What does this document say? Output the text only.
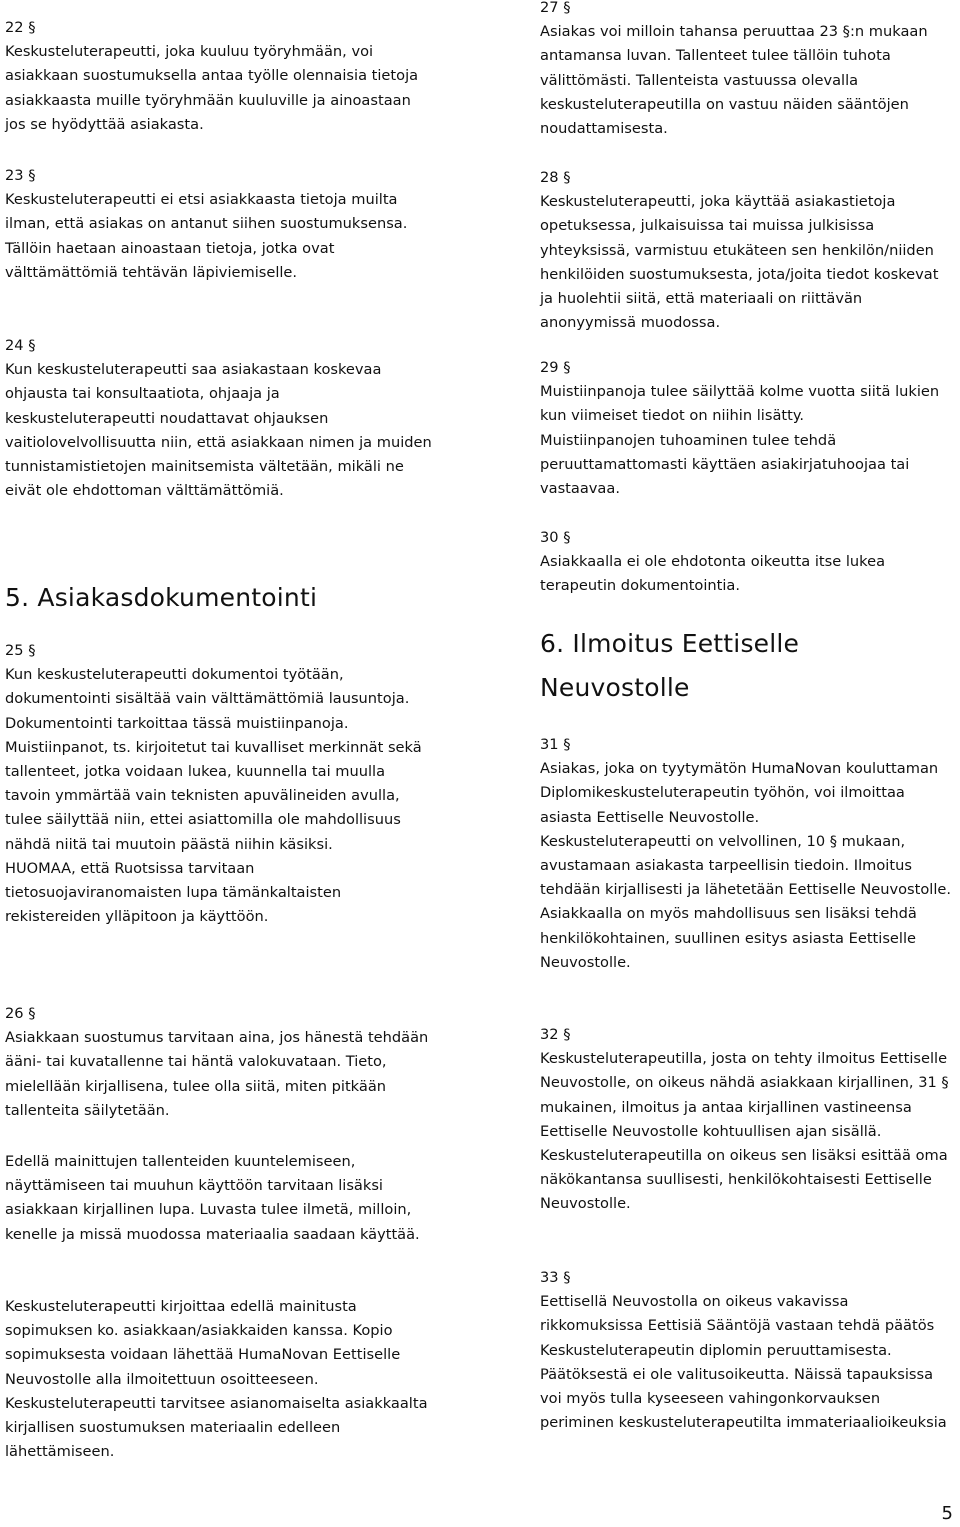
22 §

Keskusteluterapeutti, joka kuuluu työryhmään, voi asiakkaan suostumuksella antaa työlle olennaisia tietoja asiakkaasta muille työryhmään kuuluville ja ainoastaan jos se hyödyttää asiakasta.

23 §

Keskusteluterapeutti ei etsi asiakkaasta tietoja muilta ilman, että asiakas on antanut siihen suostumuksensa. Tällöin haetaan ainoastaan tietoja, jotka ovat välttämättömiä tehtävän läpiviemiselle.

24 §

Kun keskusteluterapeutti saa asiakastaan koskevaa ohjausta tai konsultaatiota, ohjaaja ja keskusteluterapeutti noudattavat ohjauksen vaitiolovelvollisuutta niin, että asiakkaan nimen ja muiden tunnistamistietojen mainitsemista vältetään, mikäli ne eivät ole ehdottoman välttämättömiä.

5. Asiakasdokumentointi

25 §

Kun keskusteluterapeutti dokumentoi työtään, dokumentointi sisältää vain välttämättömiä lausuntoja. Dokumentointi tarkoittaa tässä muistiinpanoja.

Muistiinpanot, ts. kirjoitetut tai kuvalliset merkinnät sekä tallenteet, jotka voidaan lukea, kuunnella tai muulla tavoin ymmärtää vain teknisten apuvälineiden avulla, tulee säilyttää niin, ettei asiattomilla ole mahdollisuus nähdä niitä tai muutoin päästä niihin käsiksi.

HUOMAA, että Ruotsissa tarvitaan tietosuojaviranomaisten lupa tämänkaltaisten rekistereiden ylläpitoon ja käyttöön.

26 §

Asiakkaan suostumus tarvitaan aina, jos hänestä tehdään ääni- tai kuvatallenne tai häntä valokuvataan. Tieto, mielellään kirjallisena, tulee olla siitä, miten pitkään tallenteita säilytetään.

Edellä mainittujen tallenteiden kuuntelemiseen, näyttämiseen tai muuhun käyttöön tarvitaan lisäksi asiakkaan kirjallinen lupa. Luvasta tulee ilmetä, milloin, kenelle ja missä muodossa materiaalia saadaan käyttää.

Keskusteluterapeutti kirjoittaa edellä mainitusta sopimuksen ko. asiakkaan/asiakkaiden kanssa. Kopio sopimuksesta voidaan lähettää HumaNovan Eettiselle Neuvostolle alla ilmoitettuun osoitteeseen. Keskusteluterapeutti tarvitsee asianomaiselta asiakkaalta kirjallisen suostumuksen materiaalin edelleen lähettämiseen.

27 §

Asiakas voi milloin tahansa peruuttaa 23 §:n mukaan antamansa luvan. Tallenteet tulee tällöin tuhota välittömästi. Tallenteista vastuussa olevalla keskusteluterapeutilla on vastuu näiden sääntöjen noudattamisesta.

28 §

Keskusteluterapeutti, joka käyttää asiakastietoja opetuksessa, julkaisuissa tai muissa julkisissa yhteyksissä, varmistuu etukäteen sen henkilön/niiden henkilöiden suostumuksesta, jota/joita tiedot koskevat ja huolehtii siitä, että materiaali on riittävän anonyymissä muodossa.

29 §

Muistiinpanoja tulee säilyttää kolme vuotta siitä lukien kun viimeiset tiedot on niihin lisätty.

Muistiinpanojen tuhoaminen tulee tehdä peruuttamattomasti käyttäen asiakirjatuhoojaa tai vastaavaa.

30 §

Asiakkaalla ei ole ehdotonta oikeutta itse lukea terapeutin dokumentointia.

6. Ilmoitus Eettiselle Neuvostolle

31 §

Asiakas, joka on tyytymätön HumaNovan kouluttaman Diplomikeskusteluterapeutin työhön, voi ilmoittaa asiasta Eettiselle Neuvostolle.

Keskusteluterapeutti on velvollinen, 10 § mukaan, avustamaan asiakasta tarpeellisin tiedoin. Ilmoitus tehdään kirjallisesti ja lähetetään Eettiselle Neuvostolle.

Asiakkaalla on myös mahdollisuus sen lisäksi tehdä henkilökohtainen, suullinen esitys asiasta Eettiselle Neuvostolle.

32 §

Keskusteluterapeutilla, josta on tehty ilmoitus Eettiselle Neuvostolle, on oikeus nähdä asiakkaan kirjallinen, 31 § mukainen, ilmoitus ja antaa kirjallinen vastineensa Eettiselle Neuvostolle kohtuullisen ajan sisällä. Keskusteluterapeutilla on oikeus sen lisäksi esittää oma näkökantansa suullisesti, henkilökohtaisesti Eettiselle Neuvostolle.

33 §

Eettisellä Neuvostolla on oikeus vakavissa rikkomuksissa Eettisiä Sääntöjä vastaan tehdä päätös Keskusteluterapeutin diplomin peruuttamisesta. Päätöksestä ei ole valitusoikeutta. Näissä tapauksissa voi myös tulla kyseeseen vahingonkorvauksen periminen keskusteluterapeutilta immateriaalioikeuksia

5
